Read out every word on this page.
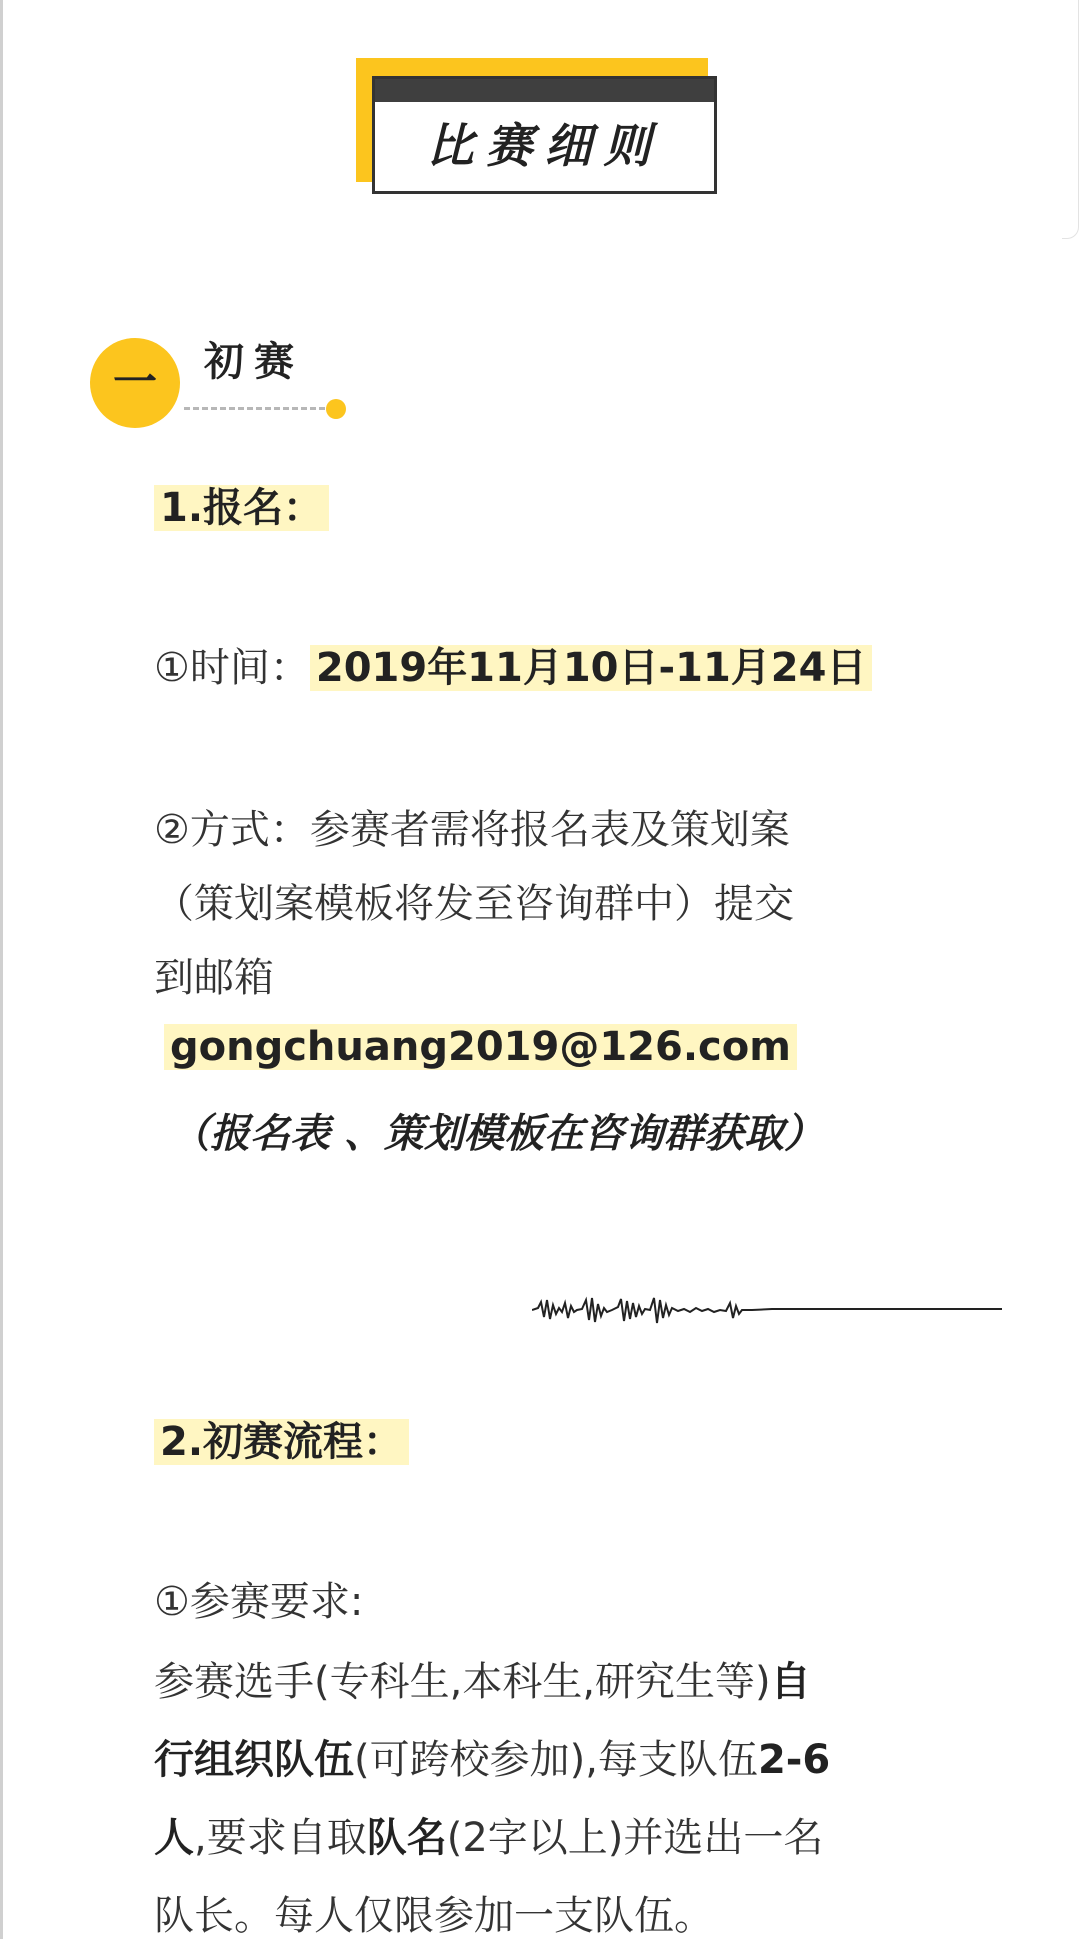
比赛细则
一	初赛
1.报名：
①时间： 2019年11月10日-11月24日
②方式：参赛者需将报名表及策划案
（策划案模板将发至咨询群中）提交
到邮箱
gongchuang2019@126.com
（报名表 、策划模板在咨询群获取）
2.初赛流程：
①参赛要求:
参赛选手(专科生,本科生,研究生等)自
行组织队伍(可跨校参加),每支队伍2-6
人,要求自取队名(2字以上)并选出一名
队长。每人仅限参加一支队伍。
